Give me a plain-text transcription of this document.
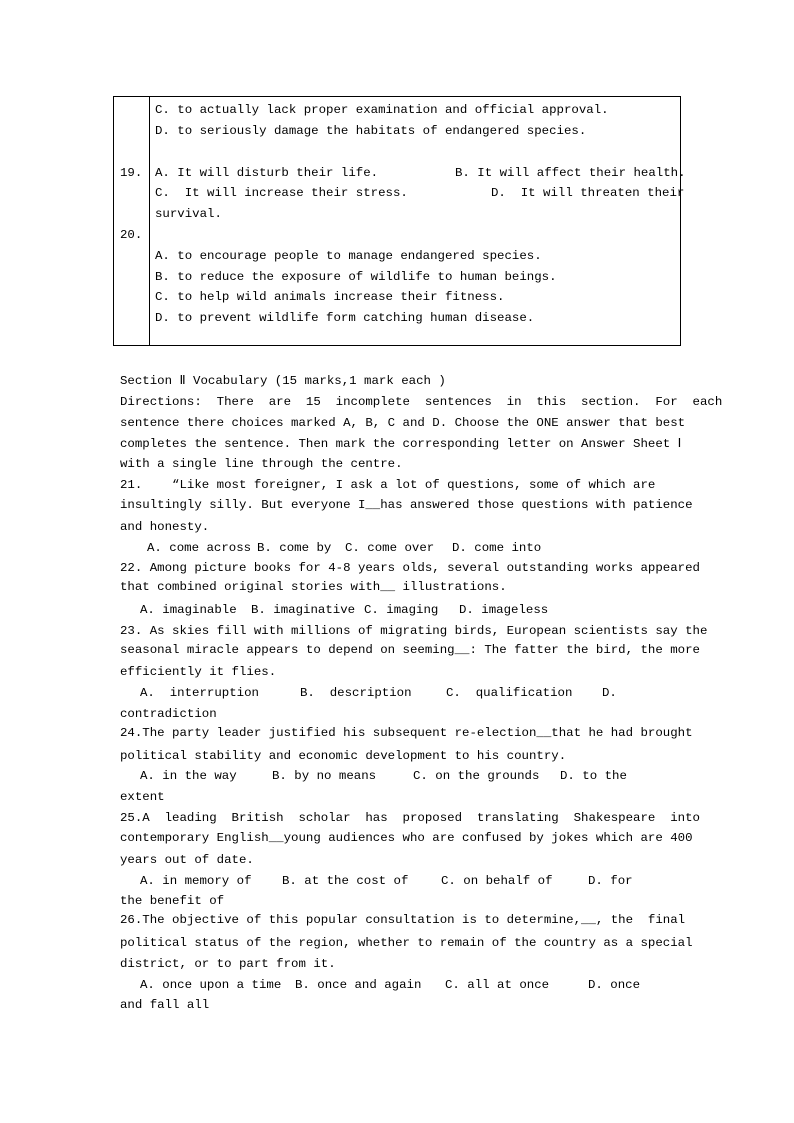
C. to actually lack proper examination and official approval.
D. to seriously damage the habitats of endangered species.
19. A. It will disturb their life.	B. It will affect their health.
C.  It will increase their stress.	D.  It will threaten their
survival.
20.
A. to encourage people to manage endangered species.
B. to reduce the exposure of wildlife to human beings.
C. to help wild animals increase their fitness.
D. to prevent wildlife form catching human disease.
Section Ⅱ Vocabulary (15 marks,1 mark each )
Directions:  There  are  15  incomplete  sentences  in  this  section.  For  each
sentence there choices marked A, B, C and D. Choose the ONE answer that best
completes the sentence. Then mark the corresponding letter on Answer Sheet Ⅰ
with a single line through the centre.
21.    “Like most foreigner, I ask a lot of questions, some of which are
insultingly silly. But everyone I__has answered those questions with patience
and honesty.
A. come across B. come by C. come over D. come into
22. Among picture books for 4-8 years olds, several outstanding works appeared
that combined original stories with__ illustrations.
A. imaginable B. imaginative C. imaging D. imageless
23. As skies fill with millions of migrating birds, European scientists say the
seasonal miracle appears to depend on seeming__: The fatter the bird, the more
efficiently it flies.
A.  interruption	B.  description	C.  qualification D.
contradiction
24.The party leader justified his subsequent re-election__that he had brought
political stability and economic development to his country.
A. in the way	B. by no means	C. on the grounds D. to the
extent
25.A  leading  British  scholar  has  proposed  translating  Shakespeare  into
contemporary English__young audiences who are confused by jokes which are 400
years out of date.
A. in memory of B. at the cost of	C. on behalf of	D. for
the benefit of
26.The objective of this popular consultation is to determine,__, the  final
political status of the region, whether to remain of the country as a special
district, or to part from it.
A. once upon a time B. once and again C. all at once	D. once
and fall all
